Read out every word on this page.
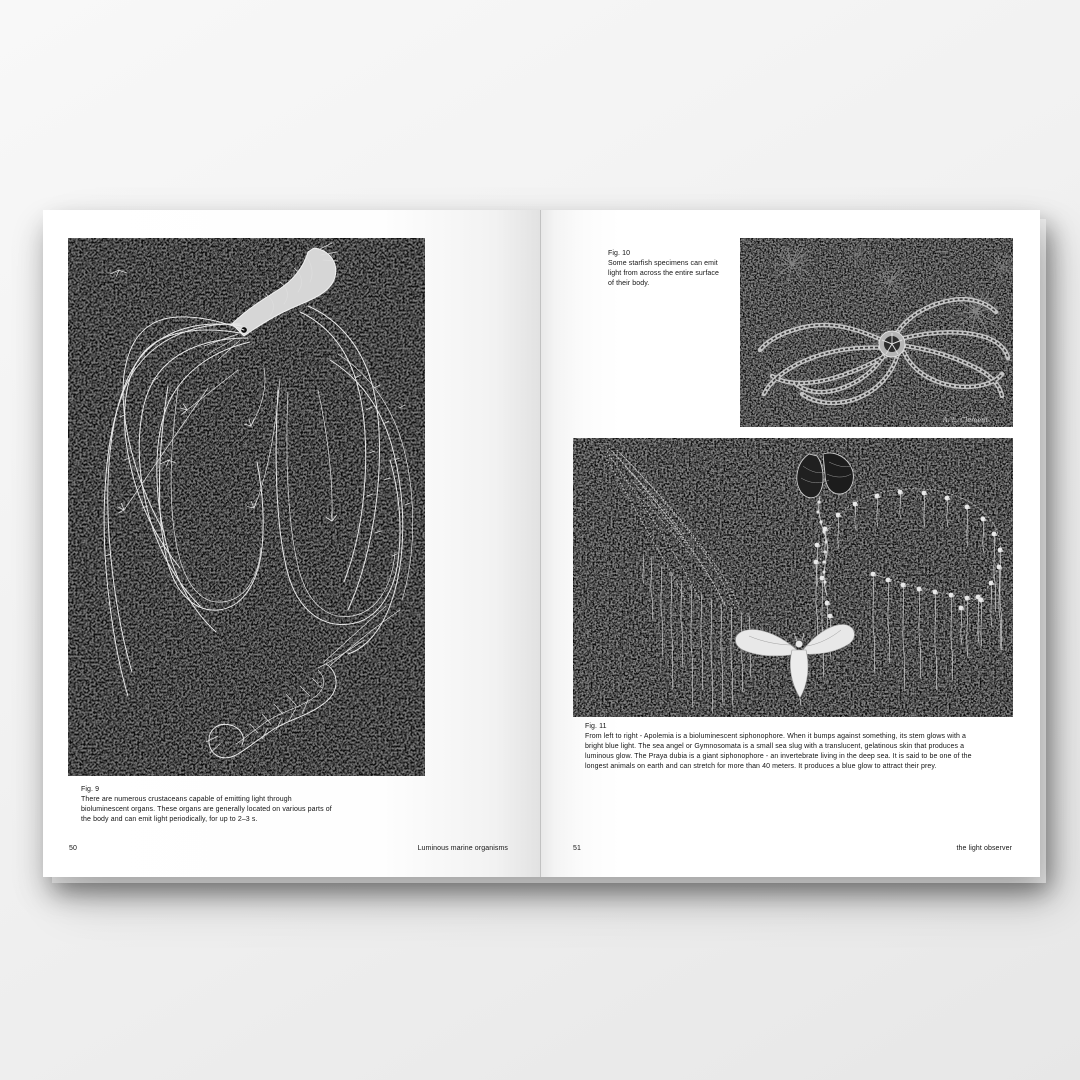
Fig. 9
There are numerous crustaceans capable of emitting light through
bioluminescent organs. These organs are generally located on various parts of
the body and can emit light periodically, for up to 2–3 s.
50	Luminous marine organisms
Fig. 10
Some starfish specimens can emit
light from across the entire surface
of their body.
A. L. Clément.
Fig. 11
From left to right - Apolemia is a bioluminescent siphonophore. When it bumps against something, its stem glows with a
bright blue light. The sea angel or Gymnosomata is a small sea slug with a translucent, gelatinous skin that produces a
luminous glow. The Praya dubia is a giant siphonophore - an invertebrate living in the deep sea. It is said to be one of the
longest animals on earth and can stretch for more than 40 meters. It produces a blue glow to attract their prey.
51	the light observer
